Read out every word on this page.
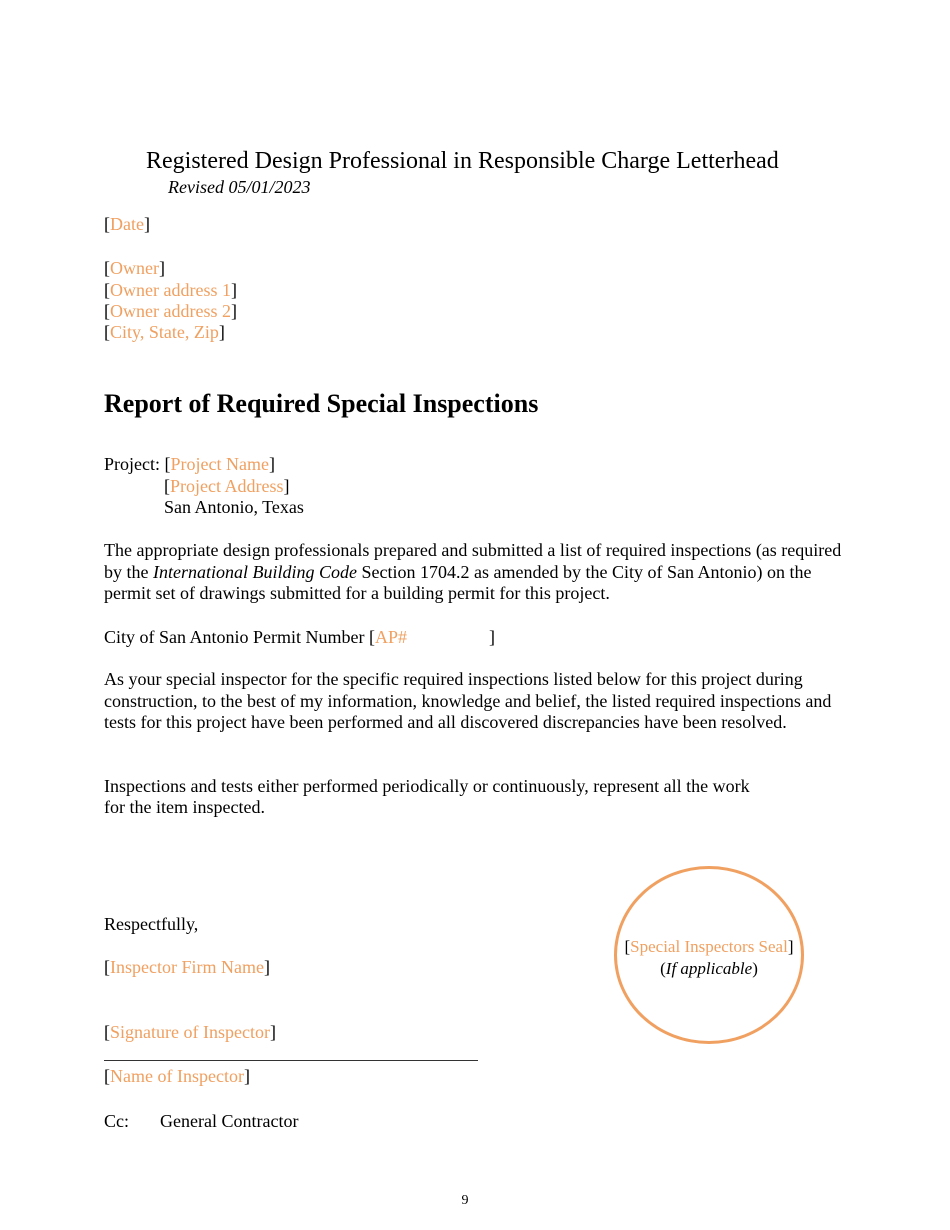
Registered Design Professional in Responsible Charge Letterhead
Revised 05/01/2023
[Date]
[Owner]
[Owner address 1]
[Owner address 2]
[City, State, Zip]
Report of Required Special Inspections
Project: [Project Name]
[Project Address]
San Antonio, Texas
The appropriate design professionals prepared and submitted a list of required inspections (as required by the International Building Code Section 1704.2 as amended by the City of San Antonio) on the permit set of drawings submitted for a building permit for this project.
City of San Antonio Permit Number [AP#	]
As your special inspector for the specific required inspections listed below for this project during construction, to the best of my information, knowledge and belief, the listed required inspections and tests for this project have been performed and all discovered discrepancies have been resolved.
Inspections and tests either performed periodically or continuously, represent all the work
for the item inspected.
Respectfully,
[Inspector Firm Name]
[Signature of Inspector]
[Name of Inspector]
[Special Inspectors Seal]
(If applicable)
Cc: General Contractor
9
